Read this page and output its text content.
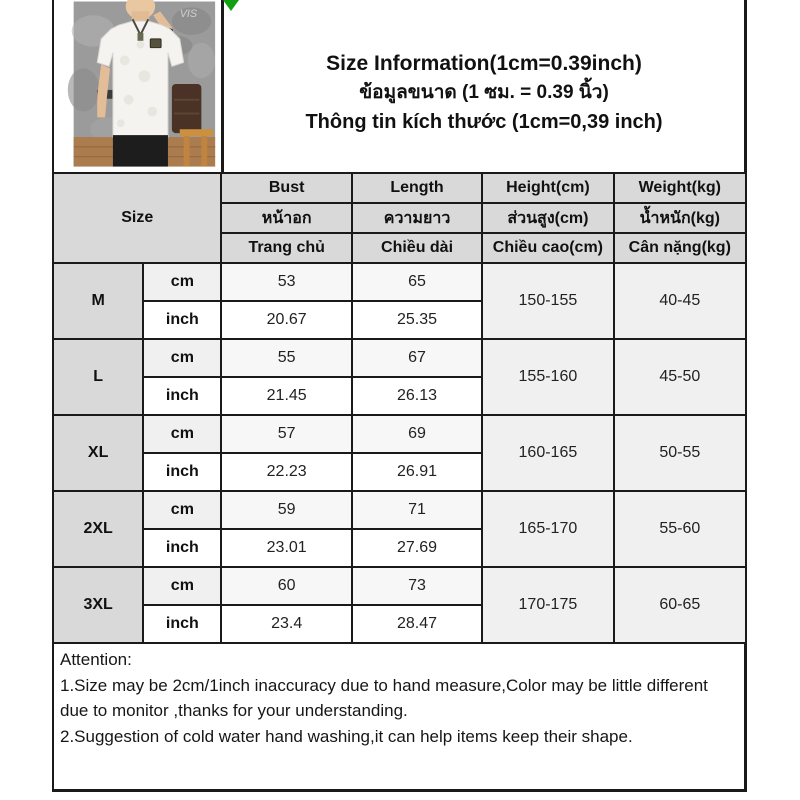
VIS
Size Information(1cm=0.39inch)
ข้อมูลขนาด (1 ซม. = 0.39 นิ้ว)
Thông tin kích thước (1cm=0,39 inch)
Size		Bust	Length	Height(cm)	Weight(kg)
		หน้าอก	ความยาว	ส่วนสูง(cm)	น้ำหนัก(kg)
		Trang chủ	Chiều dài	Chiều cao(cm)	Cân nặng(kg)
M	cm	53	65	150-155	40-45
	inch	20.67	25.35		
L	cm	55	67	155-160	45-50
	inch	21.45	26.13		
XL	cm	57	69	160-165	50-55
	inch	22.23	26.91		
2XL	cm	59	71	165-170	55-60
	inch	23.01	27.69		
3XL	cm	60	73	170-175	60-65
	inch	23.4	28.47		
Attention:
1.Size may be 2cm/1inch inaccuracy due to hand measure,Color may be little different due to monitor ,thanks for your understanding.
2.Suggestion of cold water hand washing,it can help items keep their shape.
